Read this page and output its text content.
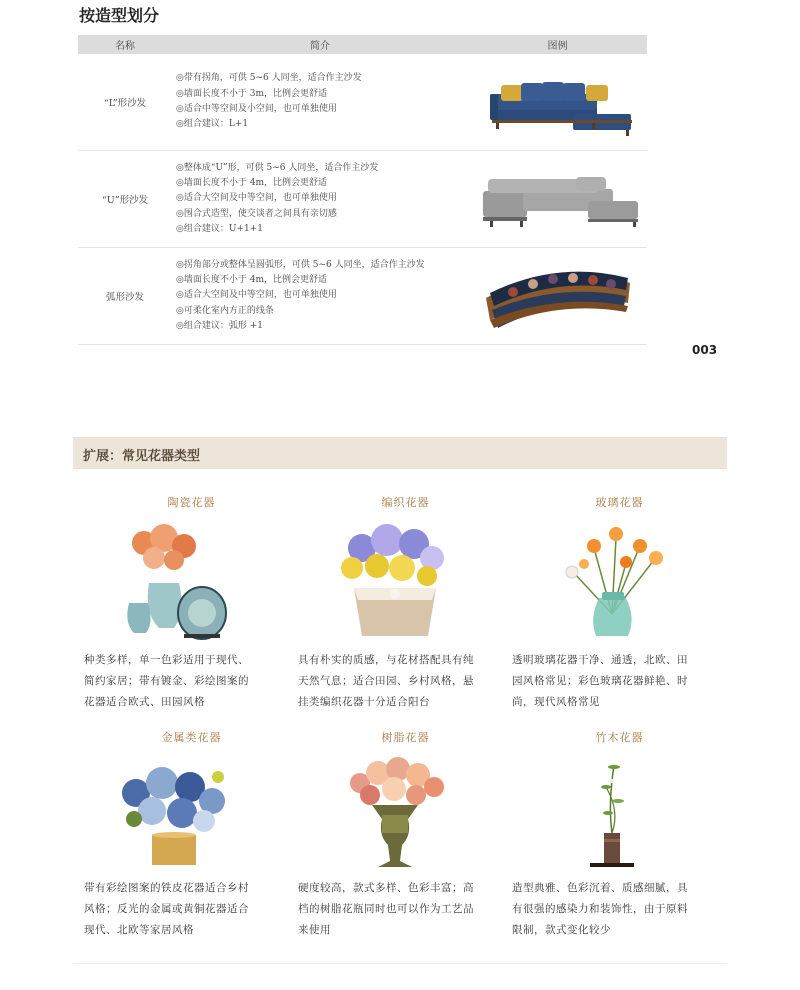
按造型划分
名称	简介	图例
“L”形沙发	◎带有拐角，可供 5~6 人同坐，适合作主沙发
◎墙面长度不小于 3m，比例会更舒适
◎适合中等空间及小空间，也可单独使用
◎组合建议：L+1

“U”形沙发	◎整体成“U”形，可供 5~6 人同坐，适合作主沙发
◎墙面长度不小于 4m，比例会更舒适
◎适合大空间及中等空间，也可单独使用
◎围合式造型，使交谈者之间具有亲切感
◎组合建议：U+1+1

弧形沙发	◎拐角部分或整体呈圆弧形，可供 5~6 人同坐，适合作主沙发
◎墙面长度不小于 4m，比例会更舒适
◎适合大空间及中等空间，也可单独使用
◎可柔化室内方正的线条
◎组合建议：弧形 +1

003
扩展：常见花器类型
陶瓷花器
种类多样，单一色彩适用于现代、
简约家居；带有镀金、彩绘图案的
花器适合欧式、田园风格
编织花器
具有朴实的质感，与花材搭配具有纯
天然气息；适合田园、乡村风格，悬
挂类编织花器十分适合阳台
玻璃花器
透明玻璃花器干净、通透，北欧、田
园风格常见；彩色玻璃花器鲜艳、时
尚，现代风格常见
金属类花器
带有彩绘图案的铁皮花器适合乡村
风格；反光的金属或黄铜花器适合
现代、北欧等家居风格
树脂花器
硬度较高，款式多样、色彩丰富；高
档的树脂花瓶同时也可以作为工艺品
来使用
竹木花器
造型典雅、色彩沉着、质感细腻，具
有很强的感染力和装饰性，由于原料
限制，款式变化较少
